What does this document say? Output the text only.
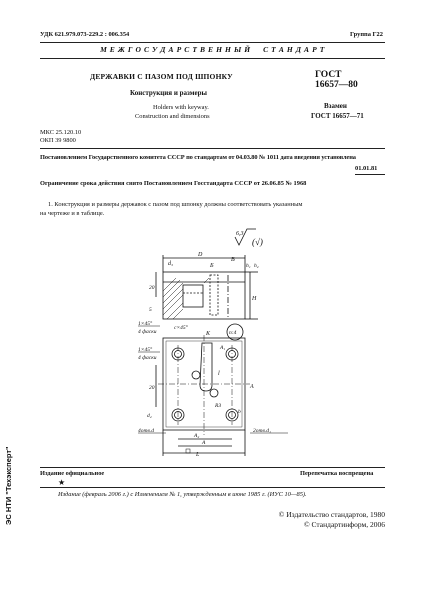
УДК 621.979.073-229.2 : 006.354	Группа Г22
М Е Ж Г О С У Д А Р С Т В Е Н Н Ы Й     С Т А Н Д А Р Т
ДЕРЖАВКИ С ПАЗОМ ПОД ШПОНКУ
Конструкция и размеры
Holders with keyway.
Construction and dimensions
ГОСТ
16657—80
Взамен
ГОСТ 16657—71
МКС 25.120.10
ОКП 39 9800
Постановлением Государственного комитета СССР по стандартам от 04.03.80 № 1011 дата введения установлена
01.01.81
Ограничение срока действия снято Постановлением Госстандарта СССР от 26.06.85 № 1968
1. Конструкция и размеры державок с пазом под шпонку должны соответствовать указанным
на чертеже и в таблице.
6,3
(√)
D
Б
В
d₃
H
h₁ h₂
20
5
1×45°
4 фаски
1×45°
4 фаски
c×45°
К	n:4
А₁
R3
А
l
b
20
d₄
4отв.d	2отв.d₁
А₂
А
L
Издание официальное	Перепечатка воспрещена
★
Издание (февраль 2006 г.) с Изменением № 1, утвержденным в июне 1985 г. (ИУС 10—85).
© Издательство стандартов, 1980
© Стандартинформ, 2006
ЭС НТИ "Техэксперт"
